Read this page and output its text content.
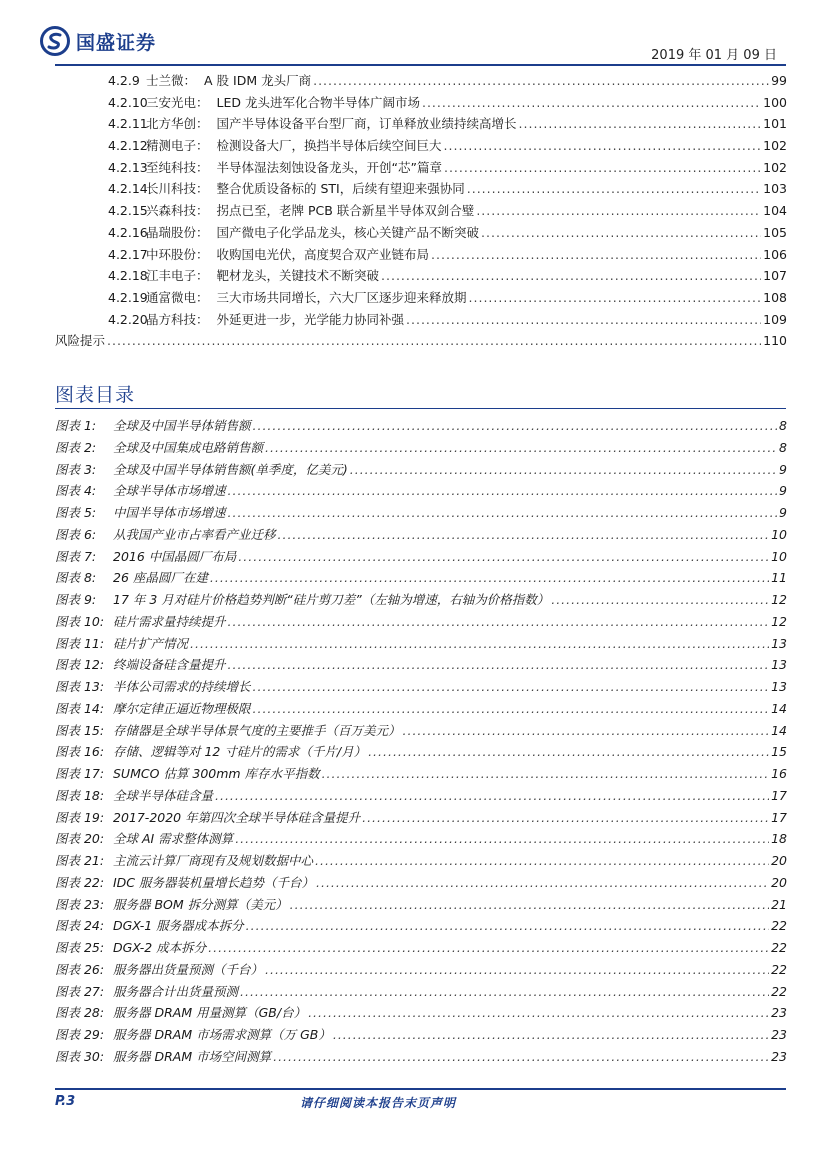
国盛证券
2019 年 01 月 09 日
4.2.9 士兰微： A 股 IDM 龙头厂商 .....	99
4.2.10三安光电： LED 龙头进军化合物半导体广阔市场 .....	100
4.2.11北方华创： 国产半导体设备平台型厂商，订单释放业绩持续高增长 .....	101
4.2.12精测电子： 检测设备大厂，换挡半导体后续空间巨大 .....	102
4.2.13至纯科技： 半导体湿法刻蚀设备龙头，开创“芯”篇章 .....	102
4.2.14长川科技： 整合优质设备标的 STI，后续有望迎来强协同 .....	103
4.2.15兴森科技： 拐点已至，老牌 PCB 联合新星半导体双剑合璧 .....	104
4.2.16晶瑞股份： 国产微电子化学品龙头，核心关键产品不断突破 .....	105
4.2.17中环股份： 收购国电光伏，高度契合双产业链布局 .....	106
4.2.18江丰电子： 靶材龙头，关键技术不断突破 .....	107
4.2.19通富微电： 三大市场共同增长，六大厂区逐步迎来释放期 .....	108
4.2.20晶方科技： 外延更进一步，光学能力协同补强 .....	109
风险提示 .....	110
图表目录
图表 1: 全球及中国半导体销售额 .....	8
图表 2: 全球及中国集成电路销售额 .....	8
图表 3: 全球及中国半导体销售额(单季度，亿美元) .....	9
图表 4: 全球半导体市场增速 .....	9
图表 5: 中国半导体市场增速 .....	9
图表 6: 从我国产业市占率看产业迁移 .....	10
图表 7: 2016 中国晶圆厂布局 .....	10
图表 8: 26 座晶圆厂在建 .....	11
图表 9: 17 年 3 月对硅片价格趋势判断“硅片剪刀差”（左轴为增速，右轴为价格指数） .....	12
图表 10: 硅片需求量持续提升 .....	12
图表 11: 硅片扩产情况 .....	13
图表 12: 终端设备硅含量提升 .....	13
图表 13: 半体公司需求的持续增长 .....	13
图表 14: 摩尔定律正逼近物理极限 .....	14
图表 15: 存储器是全球半导体景气度的主要推手（百万美元） .....	14
图表 16: 存储、逻辑等对 12 寸硅片的需求（千片/月） .....	15
图表 17: SUMCO 估算 300mm 库存水平指数 .....	16
图表 18: 全球半导体硅含量 .....	17
图表 19: 2017-2020 年第四次全球半导体硅含量提升 .....	17
图表 20: 全球 AI 需求整体测算 .....	18
图表 21: 主流云计算厂商现有及规划数据中心 .....	20
图表 22: IDC 服务器装机量增长趋势（千台） .....	20
图表 23: 服务器 BOM 拆分测算（美元） .....	21
图表 24: DGX-1 服务器成本拆分 .....	22
图表 25: DGX-2 成本拆分 .....	22
图表 26: 服务器出货量预测（千台） .....	22
图表 27: 服务器合计出货量预测 .....	22
图表 28: 服务器 DRAM 用量测算（GB/台） .....	23
图表 29: 服务器 DRAM 市场需求测算（万 GB） .....	23
图表 30: 服务器 DRAM 市场空间测算 .....	23
P.3	请仔细阅读本报告末页声明
